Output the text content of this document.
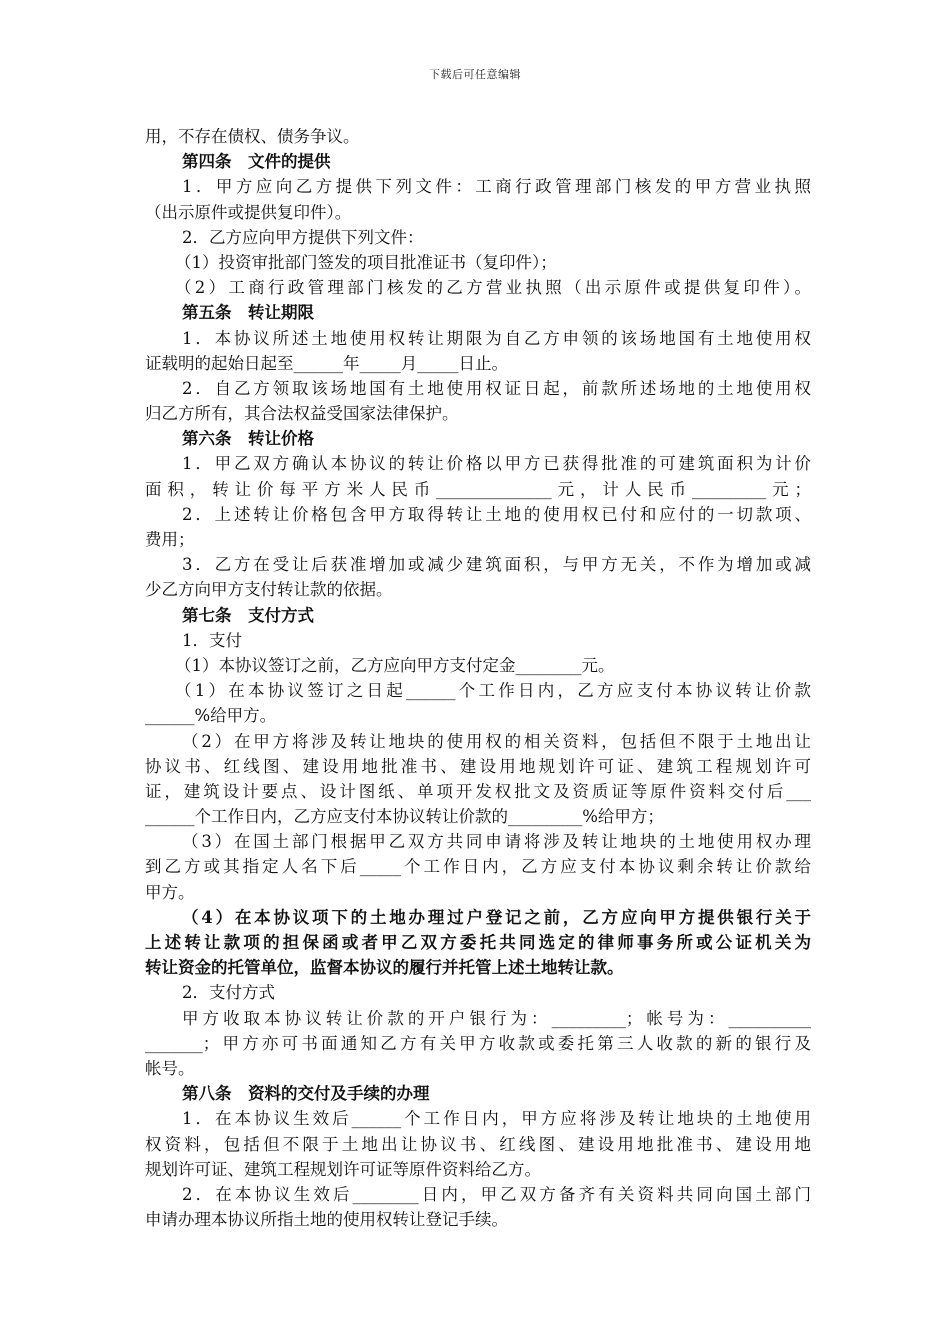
下载后可任意编辑
用，不存在债权、债务争议。
第四条　文件的提供
1．甲方应向乙方提供下列文件：工商行政管理部门核发的甲方营业执照
（出示原件或提供复印件）。
2．乙方应向甲方提供下列文件：
（1）投资审批部门签发的项目批准证书（复印件）；
（2）工商行政管理部门核发的乙方营业执照（出示原件或提供复印件）。
第五条　转让期限
1．本协议所述土地使用权转让期限为自乙方申领的该场地国有土地使用权
证载明的起始日起至______年_____月_____日止。
2．自乙方领取该场地国有土地使用权证日起，前款所述场地的土地使用权
归乙方所有，其合法权益受国家法律保护。
第六条　转让价格
1．甲乙双方确认本协议的转让价格以甲方已获得批准的可建筑面积为计价
面积，转让价每平方米人民币______________元，计人民币_________元；
2．上述转让价格包含甲方取得转让土地的使用权已付和应付的一切款项、
费用；
3．乙方在受让后获准增加或减少建筑面积，与甲方无关，不作为增加或减
少乙方向甲方支付转让款的依据。
第七条　支付方式
1．支付
（1）本协议签订之前，乙方应向甲方支付定金________元。
（1）在本协议签订之日起______个工作日内，乙方应支付本协议转让价款
______%给甲方。
（2）在甲方将涉及转让地块的使用权的相关资料，包括但不限于土地出让
协议书、红线图、建设用地批准书、建设用地规划许可证、建筑工程规划许可
证，建筑设计要点、设计图纸、单项开发权批文及资质证等原件资料交付后___
______个工作日内，乙方应支付本协议转让价款的_________%给甲方；
（3）在国土部门根据甲乙双方共同申请将涉及转让地块的土地使用权办理
到乙方或其指定人名下后_____个工作日内，乙方应支付本协议剩余转让价款给
甲方。
（4）在本协议项下的土地办理过户登记之前，乙方应向甲方提供银行关于
上述转让款项的担保函或者甲乙双方委托共同选定的律师事务所或公证机关为
转让资金的托管单位，监督本协议的履行并托管上述土地转让款。
2．支付方式
甲方收取本协议转让价款的开户银行为：_________；帐号为：__________
_______；甲方亦可书面通知乙方有关甲方收款或委托第三人收款的新的银行及
帐号。
第八条　资料的交付及手续的办理
1．在本协议生效后______个工作日内，甲方应将涉及转让地块的土地使用
权资料，包括但不限于土地出让协议书、红线图、建设用地批准书、建设用地
规划许可证、建筑工程规划许可证等原件资料给乙方。
2．在本协议生效后________日内，甲乙双方备齐有关资料共同向国土部门
申请办理本协议所指土地的使用权转让登记手续。
